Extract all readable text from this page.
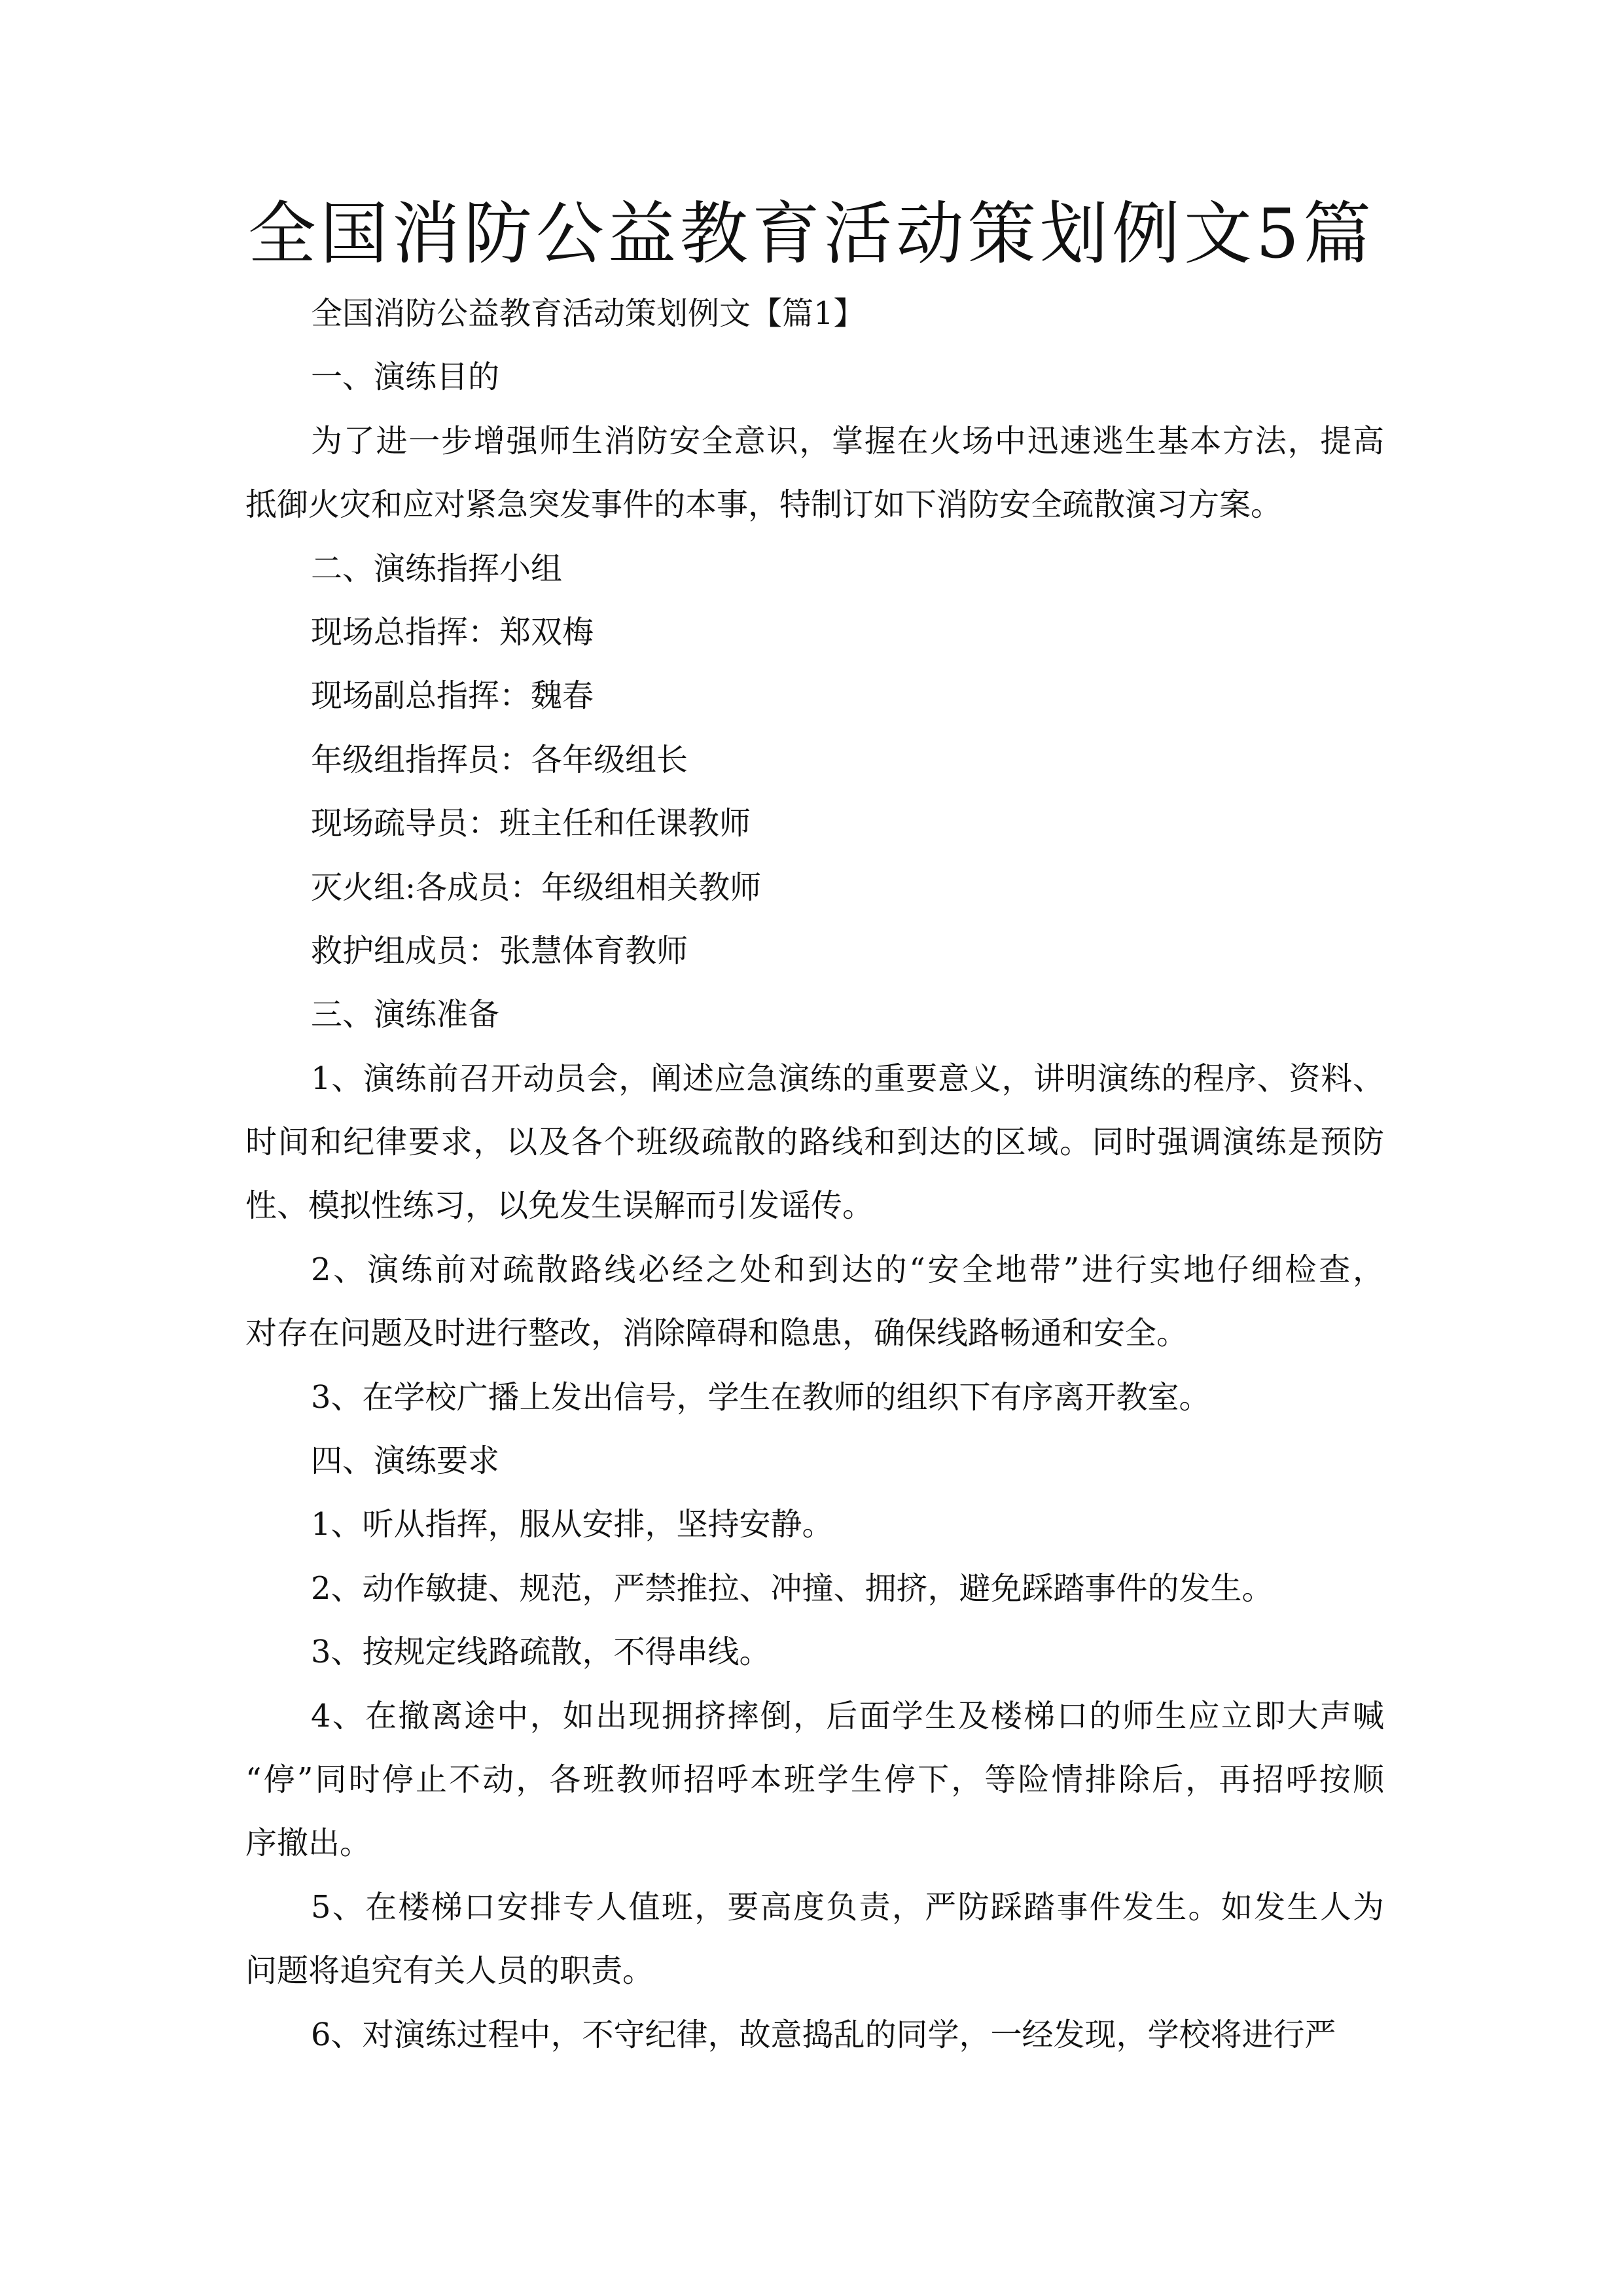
全国消防公益教育活动策划例文5篇
全国消防公益教育活动策划例文【篇1】
一、演练目的
为了进一步增强师生消防安全意识，掌握在火场中迅速逃生基本方法，提高
抵御火灾和应对紧急突发事件的本事，特制订如下消防安全疏散演习方案。
二、演练指挥小组
现场总指挥：郑双梅
现场副总指挥：魏春
年级组指挥员：各年级组长
现场疏导员：班主任和任课教师
灭火组:各成员：年级组相关教师
救护组成员：张慧体育教师
三、演练准备
1、演练前召开动员会，阐述应急演练的重要意义，讲明演练的程序、资料、
时间和纪律要求，以及各个班级疏散的路线和到达的区域。同时强调演练是预防
性、模拟性练习，以免发生误解而引发谣传。
2、演练前对疏散路线必经之处和到达的“安全地带”进行实地仔细检查，
对存在问题及时进行整改，消除障碍和隐患，确保线路畅通和安全。
3、在学校广播上发出信号，学生在教师的组织下有序离开教室。
四、演练要求
1、听从指挥，服从安排，坚持安静。
2、动作敏捷、规范，严禁推拉、冲撞、拥挤，避免踩踏事件的发生。
3、按规定线路疏散，不得串线。
4、在撤离途中，如出现拥挤摔倒，后面学生及楼梯口的师生应立即大声喊
“停”同时停止不动，各班教师招呼本班学生停下，等险情排除后，再招呼按顺
序撤出。
5、在楼梯口安排专人值班，要高度负责，严防踩踏事件发生。如发生人为
问题将追究有关人员的职责。
6、对演练过程中，不守纪律，故意捣乱的同学，一经发现，学校将进行严
